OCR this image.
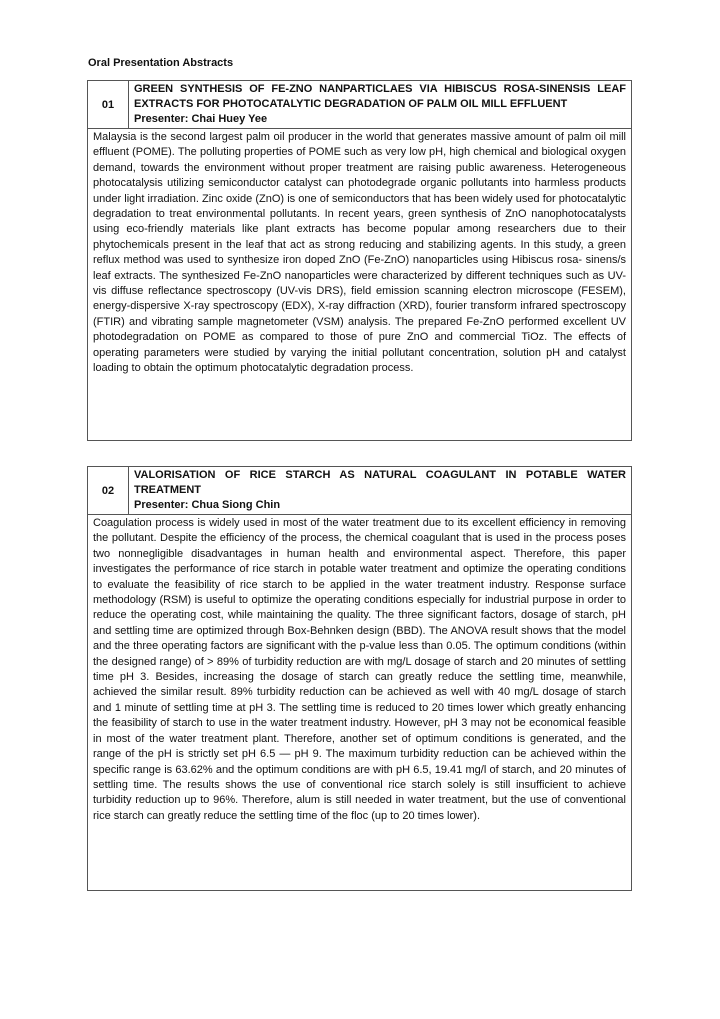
Oral Presentation Abstracts
01
GREEN SYNTHESIS OF FE-ZNO NANPARTICLAES VIA HIBISCUS ROSA-SINENSIS LEAF EXTRACTS FOR PHOTOCATALYTIC DEGRADATION OF PALM OIL MILL EFFLUENT
Presenter: Chai Huey Yee
Malaysia is the second largest palm oil producer in the world that generates massive amount of palm oil mill effluent (POME). The polluting properties of POME such as very low pH, high chemical and biological oxygen demand, towards the environment without proper treatment are raising public awareness. Heterogeneous photocatalysis utilizing semiconductor catalyst can photodegrade organic pollutants into harmless products under light irradiation. Zinc oxide (ZnO) is one of semiconductors that has been widely used for photocatalytic degradation to treat environmental pollutants. In recent years, green synthesis of ZnO nanophotocatalysts using eco-friendly materials like plant extracts has become popular among researchers due to their phytochemicals present in the leaf that act as strong reducing and stabilizing agents. In this study, a green reflux method was used to synthesize iron doped ZnO (Fe-ZnO) nanoparticles using Hibiscus rosa- sinens/s leaf extracts. The synthesized Fe-ZnO nanoparticles were characterized by different techniques such as UV-vis diffuse reflectance spectroscopy (UV-vis DRS), field emission scanning electron microscope (FESEM), energy-dispersive X-ray spectroscopy (EDX), X-ray diffraction (XRD), fourier transform infrared spectroscopy (FTIR) and vibrating sample magnetometer (VSM) analysis. The prepared Fe-ZnO performed excellent UV photodegradation on POME as compared to those of pure ZnO and commercial TiOz. The effects of operating parameters were studied by varying the initial pollutant concentration, solution pH and catalyst loading to obtain the optimum photocatalytic degradation process.
02
VALORISATION OF RICE STARCH AS NATURAL COAGULANT IN POTABLE WATER TREATMENT
Presenter: Chua Siong Chin
Coagulation process is widely used in most of the water treatment due to its excellent efficiency in removing the pollutant. Despite the efficiency of the process, the chemical coagulant that is used in the process poses two nonnegligible disadvantages in human health and environmental aspect. Therefore, this paper investigates the performance of rice starch in potable water treatment and optimize the operating conditions to evaluate the feasibility of rice starch to be applied in the water treatment industry. Response surface methodology (RSM) is useful to optimize the operating conditions especially for industrial purpose in order to reduce the operating cost, while maintaining the quality. The three significant factors, dosage of starch, pH and settling time are optimized through Box-Behnken design (BBD). The ANOVA result shows that the model and the three operating factors are significant with the p-value less than 0.05. The optimum conditions (within the designed range) of > 89% of turbidity reduction are with mg/L dosage of starch and 20 minutes of settling time pH 3. Besides, increasing the dosage of starch can greatly reduce the settling time, meanwhile, achieved the similar result. 89% turbidity reduction can be achieved as well with 40 mg/L dosage of starch and 1 minute of settling time at pH 3. The settling time is reduced to 20 times lower which greatly enhancing the feasibility of starch to use in the water treatment industry. However, pH 3 may not be economical feasible in most of the water treatment plant. Therefore, another set of optimum conditions is generated, and the range of the pH is strictly set pH 6.5 — pH 9. The maximum turbidity reduction can be achieved within the specific range is 63.62% and the optimum conditions are with pH 6.5, 19.41 mg/l of starch, and 20 minutes of settling time. The results shows the use of conventional rice starch solely is still insufficient to achieve turbidity reduction up to 96%. Therefore, alum is still needed in water treatment, but the use of conventional rice starch can greatly reduce the settling time of the floc (up to 20 times lower).
